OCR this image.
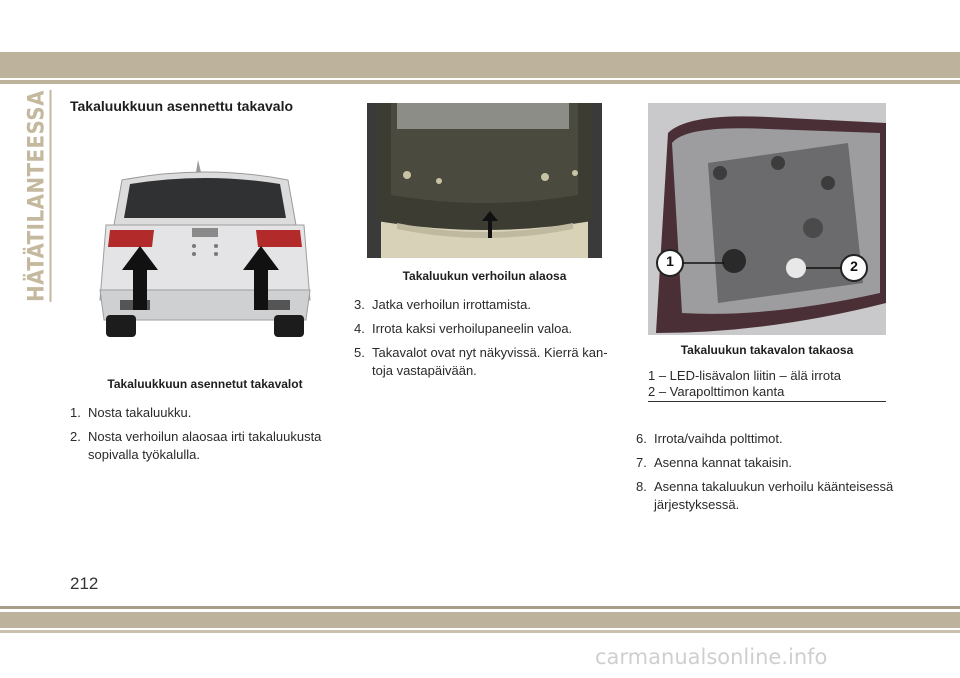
HÄTÄTILANTEESSA Takaluukkuun asennettu takavalo
Takaluukkuun asennetut takavalot
1. Nosta takaluukku.
2. Nosta verhoilun alaosaa irti takaluukusta sopivalla työkalulla.
Takaluukun verhoilun alaosa
3. Jatka verhoilun irrottamista.
4. Irrota kaksi verhoilupaneelin valoa.
5. Takavalot ovat nyt näkyvissä. Kierrä kan-toja vastapäivään.
1	2
Takaluukun takavalon takaosa
1 – LED-lisävalon liitin – älä irrota
2 – Varapolttimon kanta
6. Irrota/vaihda polttimot.
7. Asenna kannat takaisin.
8. Asenna takaluukun verhoilu käänteisessä järjestyksessä.
212
carmanualsonline.info
